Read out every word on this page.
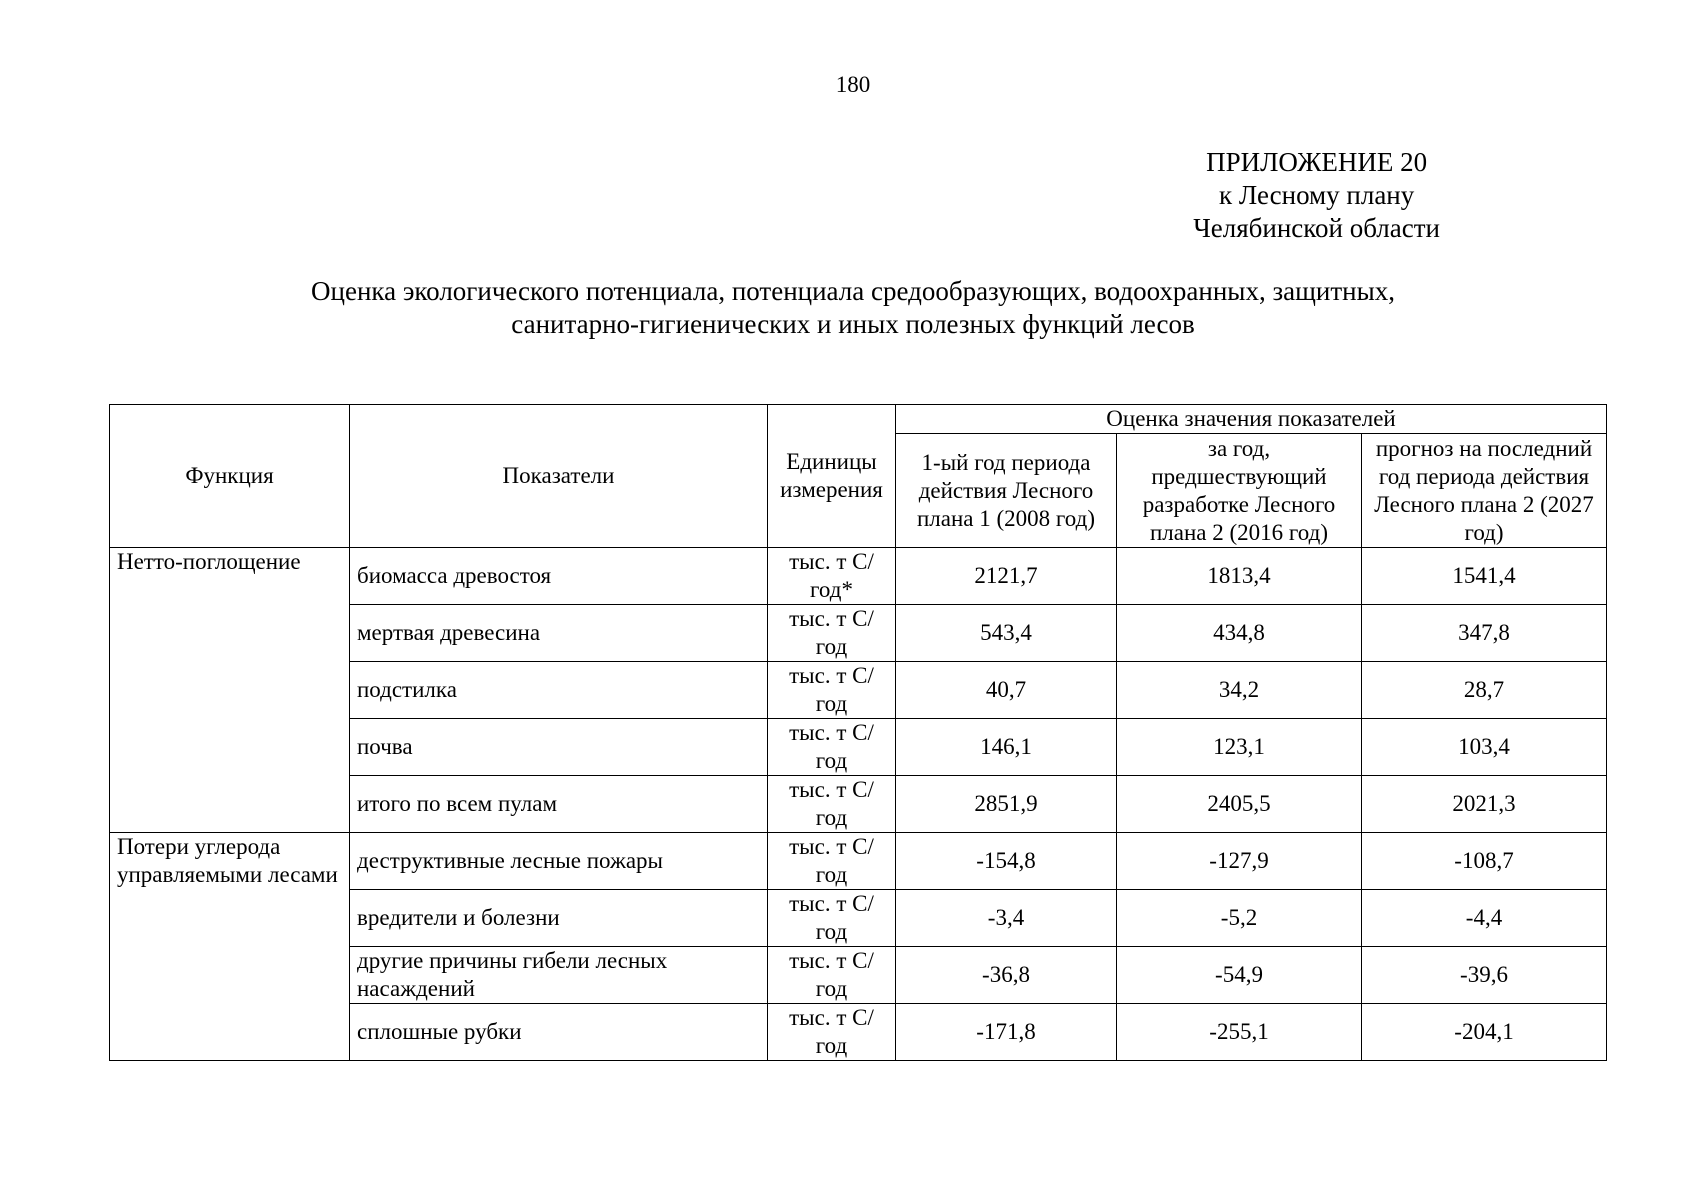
180
ПРИЛОЖЕНИЕ 20
к Лесному плану
Челябинской области
Оценка экологического потенциала, потенциала средообразующих, водоохранных, защитных,
санитарно-гигиенических и иных полезных функций лесов
Функция	Показатели	Единицы измерения	Оценка значения показателей		
			1-ый год периода действия Лесного плана 1 (2008 год)	за год, предшествующий разработке Лесного плана 2 (2016 год)	прогноз на последний год периода действия Лесного плана 2 (2027 год)
Нетто-поглощение	биомасса древостоя	тыс. т С/год*	2121,7	1813,4	1541,4
	мертвая древесина	тыс. т С/год	543,4	434,8	347,8
	подстилка	тыс. т С/год	40,7	34,2	28,7
	почва	тыс. т С/год	146,1	123,1	103,4
	итого по всем пулам	тыс. т С/год	2851,9	2405,5	2021,3
Потери углерода управляемыми лесами	деструктивные лесные пожары	тыс. т С/год	-154,8	-127,9	-108,7
	вредители и болезни	тыс. т С/год	-3,4	-5,2	-4,4
	другие причины гибели лесных насаждений	тыс. т С/год	-36,8	-54,9	-39,6
	сплошные рубки	тыс. т С/год	-171,8	-255,1	-204,1
